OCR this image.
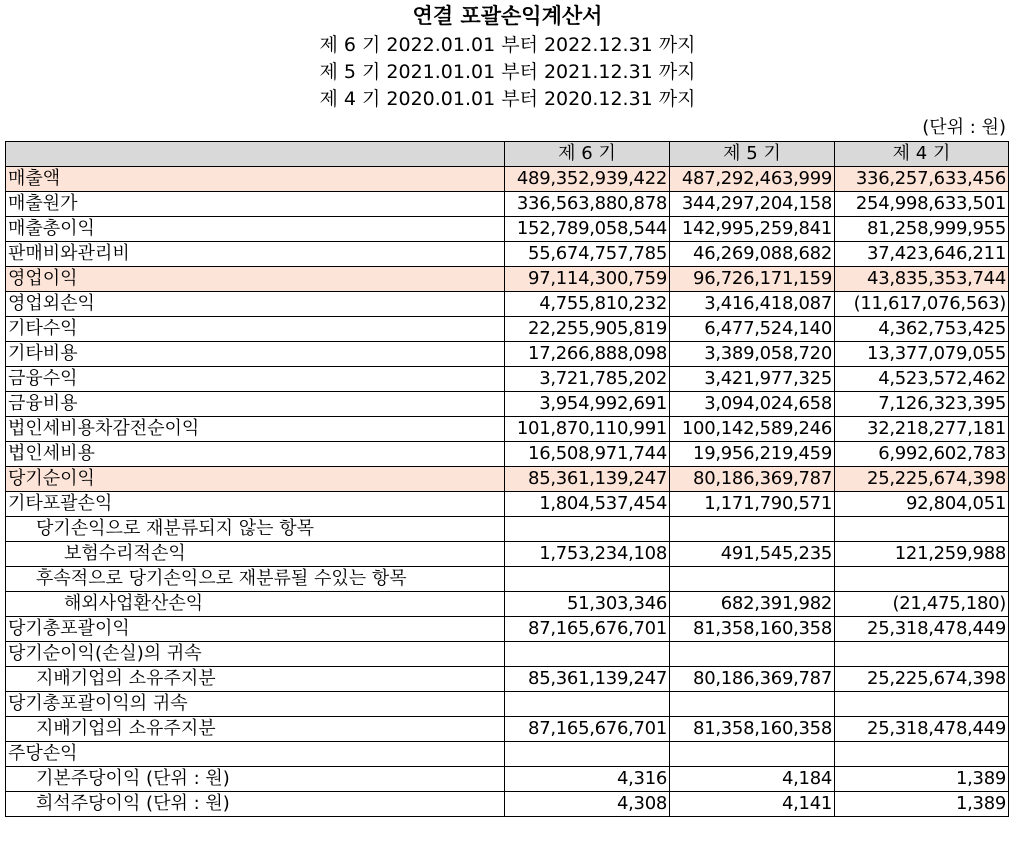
연결 포괄손익계산서
제 6 기 2022.01.01 부터 2022.12.31 까지
제 5 기 2021.01.01 부터 2021.12.31 까지
제 4 기 2020.01.01 부터 2020.12.31 까지
(단위 : 원)
	제 6 기	제 5 기	제 4 기
매출액	489,352,939,422	487,292,463,999	336,257,633,456
매출원가	336,563,880,878	344,297,204,158	254,998,633,501
매출총이익	152,789,058,544	142,995,259,841	81,258,999,955
판매비와관리비	55,674,757,785	46,269,088,682	37,423,646,211
영업이익	97,114,300,759	96,726,171,159	43,835,353,744
영업외손익	4,755,810,232	3,416,418,087	(11,617,076,563)
기타수익	22,255,905,819	6,477,524,140	4,362,753,425
기타비용	17,266,888,098	3,389,058,720	13,377,079,055
금융수익	3,721,785,202	3,421,977,325	4,523,572,462
금융비용	3,954,992,691	3,094,024,658	7,126,323,395
법인세비용차감전순이익	101,870,110,991	100,142,589,246	32,218,277,181
법인세비용	16,508,971,744	19,956,219,459	6,992,602,783
당기순이익	85,361,139,247	80,186,369,787	25,225,674,398
기타포괄손익	1,804,537,454	1,171,790,571	92,804,051
당기손익으로 재분류되지 않는 항목			
보험수리적손익	1,753,234,108	491,545,235	121,259,988
후속적으로 당기손익으로 재분류될 수있는 항목			
해외사업환산손익	51,303,346	682,391,982	(21,475,180)
당기총포괄이익	87,165,676,701	81,358,160,358	25,318,478,449
당기순이익(손실)의 귀속			
지배기업의 소유주지분	85,361,139,247	80,186,369,787	25,225,674,398
당기총포괄이익의 귀속			
지배기업의 소유주지분	87,165,676,701	81,358,160,358	25,318,478,449
주당손익			
기본주당이익 (단위 : 원)	4,316	4,184	1,389
희석주당이익 (단위 : 원)	4,308	4,141	1,389
